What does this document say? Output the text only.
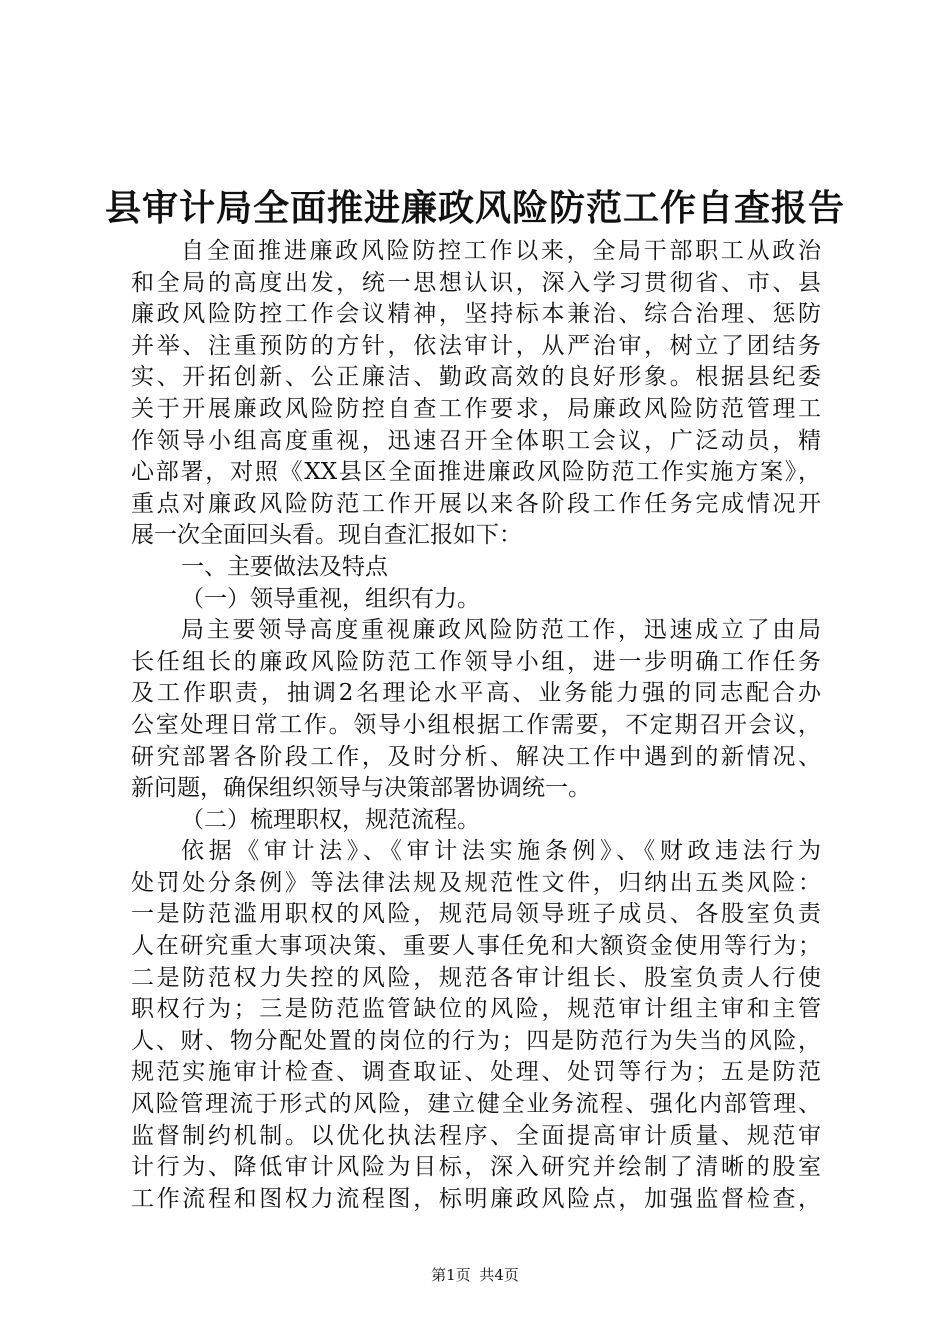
县审计局全面推进廉政风险防范工作自查报告
自全面推进廉政风险防控工作以来，全局干部职工从政治
和全局的高度出发，统一思想认识，深入学习贯彻省、市、县
廉政风险防控工作会议精神，坚持标本兼治、综合治理、惩防
并举、注重预防的方针，依法审计，从严治审，树立了团结务
实、开拓创新、公正廉洁、勤政高效的良好形象。根据县纪委
关于开展廉政风险防控自查工作要求，局廉政风险防范管理工
作领导小组高度重视，迅速召开全体职工会议，广泛动员，精
心部署，对照《XX县区全面推进廉政风险防范工作实施方案》，
重点对廉政风险防范工作开展以来各阶段工作任务完成情况开
展一次全面回头看。现自查汇报如下：
一、主要做法及特点
（一）领导重视，组织有力。
局主要领导高度重视廉政风险防范工作，迅速成立了由局
长任组长的廉政风险防范工作领导小组，进一步明确工作任务
及工作职责，抽调2名理论水平高、业务能力强的同志配合办
公室处理日常工作。领导小组根据工作需要，不定期召开会议，
研究部署各阶段工作，及时分析、解决工作中遇到的新情况、
新问题，确保组织领导与决策部署协调统一。
（二）梳理职权，规范流程。
依据《审计法》、《审计法实施条例》、《财政违法行为
处罚处分条例》等法律法规及规范性文件，归纳出五类风险：
一是防范滥用职权的风险，规范局领导班子成员、各股室负责
人在研究重大事项决策、重要人事任免和大额资金使用等行为；
二是防范权力失控的风险，规范各审计组长、股室负责人行使
职权行为；三是防范监管缺位的风险，规范审计组主审和主管
人、财、物分配处置的岗位的行为；四是防范行为失当的风险，
规范实施审计检查、调查取证、处理、处罚等行为；五是防范
风险管理流于形式的风险，建立健全业务流程、强化内部管理、
监督制约机制。以优化执法程序、全面提高审计质量、规范审
计行为、降低审计风险为目标，深入研究并绘制了清晰的股室
工作流程和图权力流程图，标明廉政风险点，加强监督检查，
第1页 共4页
